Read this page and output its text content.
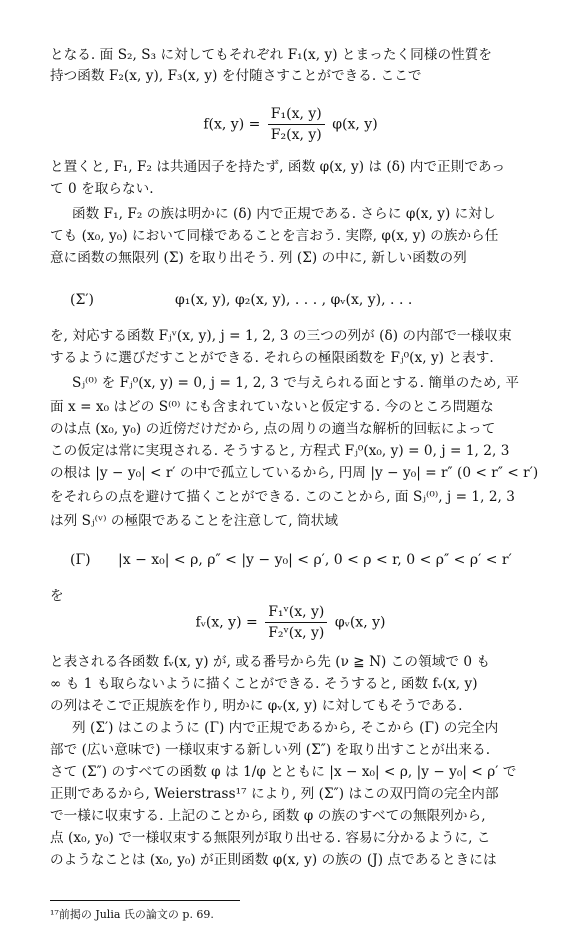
となる. 面 S₂, S₃ に対してもそれぞれ F₁(x, y) とまったく同様の性質を
持つ函数 F₂(x, y), F₃(x, y) を付随さすことができる. ここで
f(x, $y) = \frac{\text{F₁(x, y)}}{\text{F₂(x, y)}} \varphi(x$, y)
と置くと, F₁, F₂ は共通因子を持たず, 函数 φ(x, y) は (δ) 内で正則であっ
て 0 を取らない.
函数 F₁, F₂ の族は明かに (δ) 内で正規である. さらに φ(x, y) に対し
ても (x₀, y₀) において同様であることを言おう. 実際, φ(x, y) の族から任
意に函数の無限列 (Σ) を取り出そう. 列 (Σ) の中に, 新しい函数の列
(Σ′)	φ₁(x, y), φ₂(x, y), . . . , φᵥ(x, y), . . .
を, 対応する函数 Fⱼᵛ(x, y), j = 1, 2, 3 の三つの列が (δ) の内部で一様収束
するように選びだすことができる. それらの極限函数を Fⱼ⁰(x, y) と表す.
Sⱼ⁽⁰⁾ を Fⱼ⁰(x, y) = 0, j = 1, 2, 3 で与えられる面とする. 簡単のため, 平
面 x = x₀ はどの S⁽⁰⁾ にも含まれていないと仮定する. 今のところ問題な
のは点 (x₀, y₀) の近傍だけだから, 点の周りの適当な解析的回転によって
この仮定は常に実現される. そうすると, 方程式 Fⱼ⁰(x₀, y) = 0, j = 1, 2, 3
の根は |y − y₀| < r′ の中で孤立しているから, 円周 |y − y₀| = r″ (0 < r″ < r′)
をそれらの点を避けて描くことができる. このことから, 面 Sⱼ⁽⁰⁾, j = 1, 2, 3
は列 Sⱼ⁽ᵛ⁾ の極限であることを注意して, 筒状域
(Γ) |x − x₀| < ρ, ρ″ < |y − y₀| < ρ′, 0 < ρ < r, 0 < ρ″ < ρ′ < r′
を
fᵥ(x, $y) = \frac{\text{F₁ᵛ(x, y)}}{\text{F₂ᵛ(x, y)}}$ φᵥ(x, y)
と表される各函数 fᵥ(x, y) が, 或る番号から先 (ν ≧ N) この領域で 0 も
∞ も 1 も取らないように描くことができる. そうすると, 函数 fᵥ(x, y)
の列はそこで正規族を作り, 明かに φᵥ(x, y) に対してもそうである.
列 (Σ′) はこのように (Γ) 内で正規であるから, そこから (Γ) の完全内
部で (広い意味で) 一様収束する新しい列 (Σ″) を取り出すことが出来る.
さて (Σ″) のすべての函数 φ は 1/φ とともに |x − x₀| < ρ, |y − y₀| < ρ′ で
正則であるから, Weierstrass¹⁷ により, 列 (Σ″) はこの双円筒の完全内部
で一様に収束する. 上記のことから, 函数 φ の族のすべての無限列から,
点 (x₀, y₀) で一様収束する無限列が取り出せる. 容易に分かるように, こ
のようなことは (x₀, y₀) が正則函数 φ(x, y) の族の (J) 点であるときには
¹⁷前掲の Julia 氏の論文の p. 69.
